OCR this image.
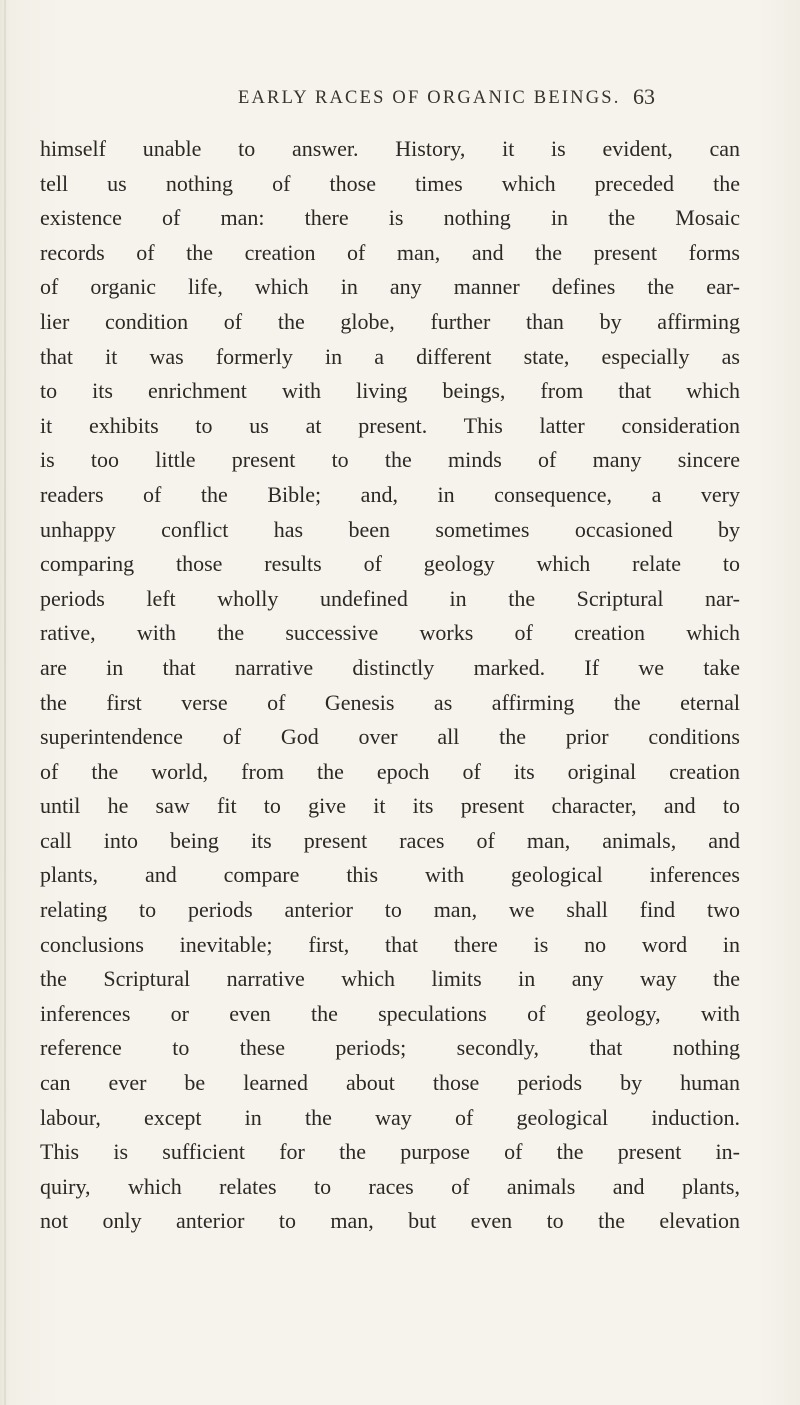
EARLY RACES OF ORGANIC BEINGS. 63
himself unable to answer. History, it is evident, can
tell us nothing of those times which preceded the
existence of man: there is nothing in the Mosaic
records of the creation of man, and the present forms
of organic life, which in any manner defines the ear-
lier condition of the globe, further than by affirming
that it was formerly in a different state, especially as
to its enrichment with living beings, from that which
it exhibits to us at present. This latter consideration
is too little present to the minds of many sincere
readers of the Bible; and, in consequence, a very
unhappy conflict has been sometimes occasioned by
comparing those results of geology which relate to
periods left wholly undefined in the Scriptural nar-
rative, with the successive works of creation which
are in that narrative distinctly marked. If we take
the first verse of Genesis as affirming the eternal
superintendence of God over all the prior conditions
of the world, from the epoch of its original creation
until he saw fit to give it its present character, and to
call into being its present races of man, animals, and
plants, and compare this with geological inferences
relating to periods anterior to man, we shall find two
conclusions inevitable; first, that there is no word in
the Scriptural narrative which limits in any way the
inferences or even the speculations of geology, with
reference to these periods; secondly, that nothing
can ever be learned about those periods by human
labour, except in the way of geological induction.
This is sufficient for the purpose of the present in-
quiry, which relates to races of animals and plants,
not only anterior to man, but even to the elevation
